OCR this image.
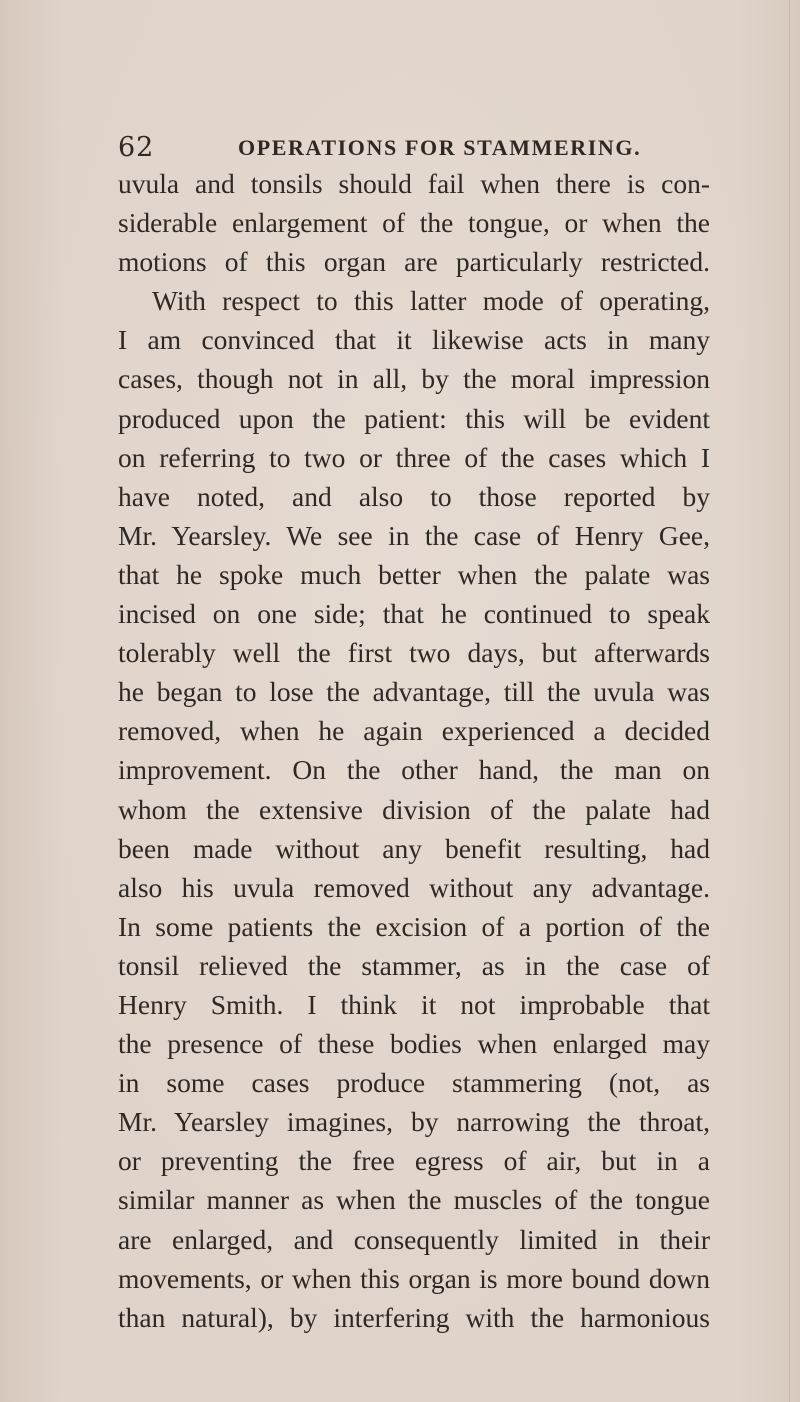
62	OPERATIONS FOR STAMMERING.
uvula and tonsils should fail when there is con-
siderable enlargement of the tongue, or when the
motions of this organ are particularly restricted.
With respect to this latter mode of operating,
I am convinced that it likewise acts in many
cases, though not in all, by the moral impression
produced upon the patient: this will be evident
on referring to two or three of the cases which I
have noted, and also to those reported by
Mr. Yearsley. We see in the case of Henry Gee,
that he spoke much better when the palate was
incised on one side; that he continued to speak
tolerably well the first two days, but afterwards
he began to lose the advantage, till the uvula was
removed, when he again experienced a decided
improvement. On the other hand, the man on
whom the extensive division of the palate had
been made without any benefit resulting, had
also his uvula removed without any advantage.
In some patients the excision of a portion of the
tonsil relieved the stammer, as in the case of
Henry Smith. I think it not improbable that
the presence of these bodies when enlarged may
in some cases produce stammering (not, as
Mr. Yearsley imagines, by narrowing the throat,
or preventing the free egress of air, but in a
similar manner as when the muscles of the tongue
are enlarged, and consequently limited in their
movements, or when this organ is more bound down
than natural), by interfering with the harmonious
